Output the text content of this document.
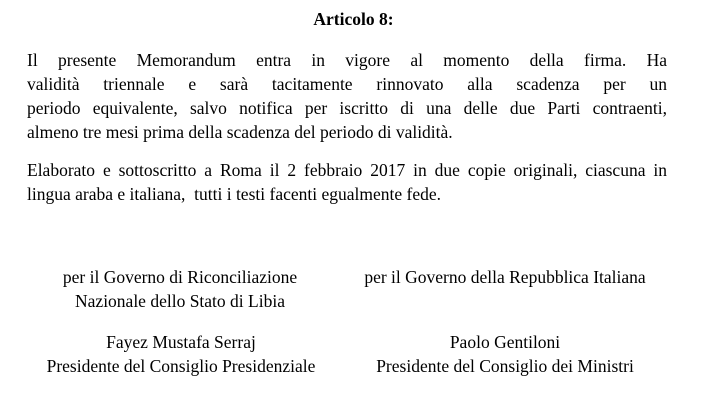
Articolo 8:
Il presente Memorandum entra in vigore al momento della firma. Ha
validità triennale e sarà tacitamente rinnovato alla scadenza per un
periodo equivalente, salvo notifica per iscritto di una delle due Parti contraenti,
almeno tre mesi prima della scadenza del periodo di validità.
Elaborato e sottoscritto a Roma il 2 febbraio 2017 in due copie originali, ciascuna in
lingua araba e italiana,  tutti i testi facenti egualmente fede.
per il Governo di Riconciliazione
Nazionale dello Stato di Libia
per il Governo della Repubblica Italiana
Fayez Mustafa Serraj
Presidente del Consiglio Presidenziale
Paolo Gentiloni
Presidente del Consiglio dei Ministri
